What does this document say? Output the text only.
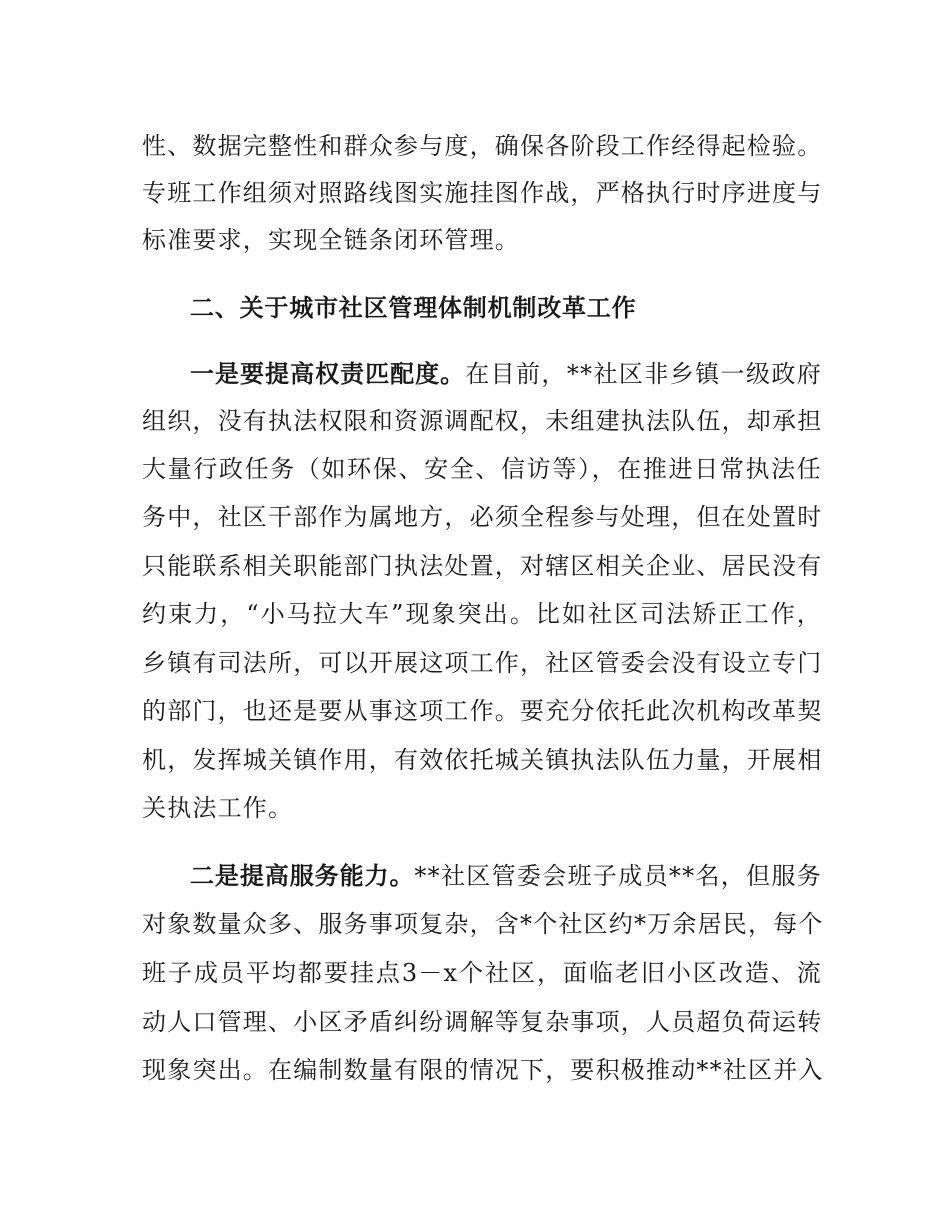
性、数据完整性和群众参与度，确保各阶段工作经得起检验。
专班工作组须对照路线图实施挂图作战，严格执行时序进度与
标准要求，实现全链条闭环管理。
二、关于城市社区管理体制机制改革工作
一是要提高权责匹配度。在目前，**社区非乡镇一级政府
组织，没有执法权限和资源调配权，未组建执法队伍，却承担
大量行政任务（如环保、安全、信访等），在推进日常执法任
务中，社区干部作为属地方，必须全程参与处理，但在处置时
只能联系相关职能部门执法处置，对辖区相关企业、居民没有
约束力，“小马拉大车”现象突出。比如社区司法矫正工作，
乡镇有司法所，可以开展这项工作，社区管委会没有设立专门
的部门，也还是要从事这项工作。要充分依托此次机构改革契
机，发挥城关镇作用，有效依托城关镇执法队伍力量，开展相
关执法工作。
二是提高服务能力。**社区管委会班子成员**名，但服务
对象数量众多、服务事项复杂，含*个社区约*万余居民，每个
班子成员平均都要挂点3－x个社区，面临老旧小区改造、流
动人口管理、小区矛盾纠纷调解等复杂事项，人员超负荷运转
现象突出。在编制数量有限的情况下，要积极推动**社区并入
